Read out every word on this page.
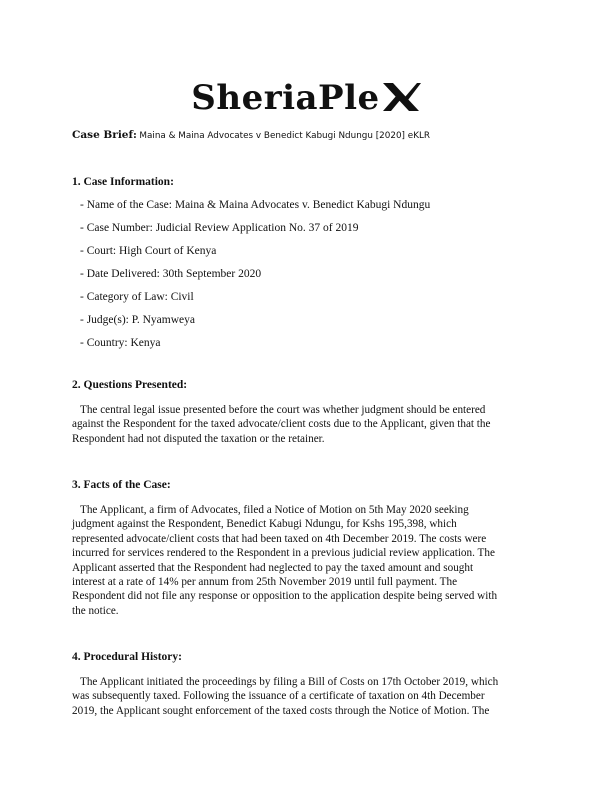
SheriaPle
Case Brief: Maina & Maina Advocates v Benedict Kabugi Ndungu [2020] eKLR
1. Case Information:
- Name of the Case: Maina & Maina Advocates v. Benedict Kabugi Ndungu
- Case Number: Judicial Review Application No. 37 of 2019
- Court: High Court of Kenya
- Date Delivered: 30th September 2020
- Category of Law: Civil
- Judge(s): P. Nyamweya
- Country: Kenya
2. Questions Presented:
The central legal issue presented before the court was whether judgment should be entered
against the Respondent for the taxed advocate/client costs due to the Applicant, given that the
Respondent had not disputed the taxation or the retainer.
3. Facts of the Case:
The Applicant, a firm of Advocates, filed a Notice of Motion on 5th May 2020 seeking
judgment against the Respondent, Benedict Kabugi Ndungu, for Kshs 195,398, which
represented advocate/client costs that had been taxed on 4th December 2019. The costs were
incurred for services rendered to the Respondent in a previous judicial review application. The
Applicant asserted that the Respondent had neglected to pay the taxed amount and sought
interest at a rate of 14% per annum from 25th November 2019 until full payment. The
Respondent did not file any response or opposition to the application despite being served with
the notice.
4. Procedural History:
The Applicant initiated the proceedings by filing a Bill of Costs on 17th October 2019, which
was subsequently taxed. Following the issuance of a certificate of taxation on 4th December
2019, the Applicant sought enforcement of the taxed costs through the Notice of Motion. The
